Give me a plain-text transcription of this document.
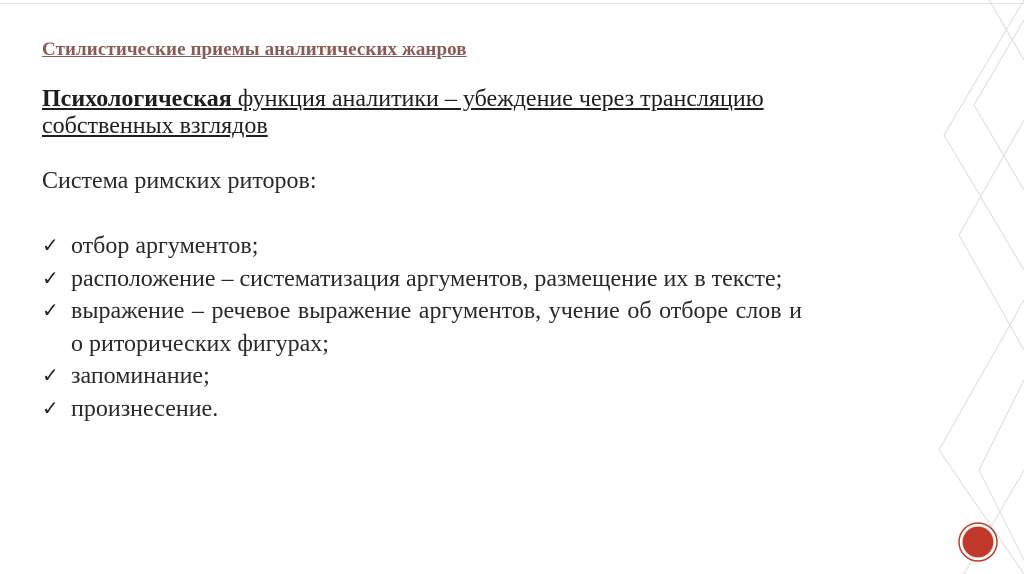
Стилистические приемы аналитических жанров
Психологическая функция аналитики – убеждение через трансляцию собственных взглядов
Система римских риторов:
✓ отбор аргументов;
✓ расположение – систематизация аргументов, размещение их в тексте;
✓ выражение – речевое выражение аргументов, учение об отборе слов и о риторических фигурах;
✓ запоминание;
✓ произнесение.
